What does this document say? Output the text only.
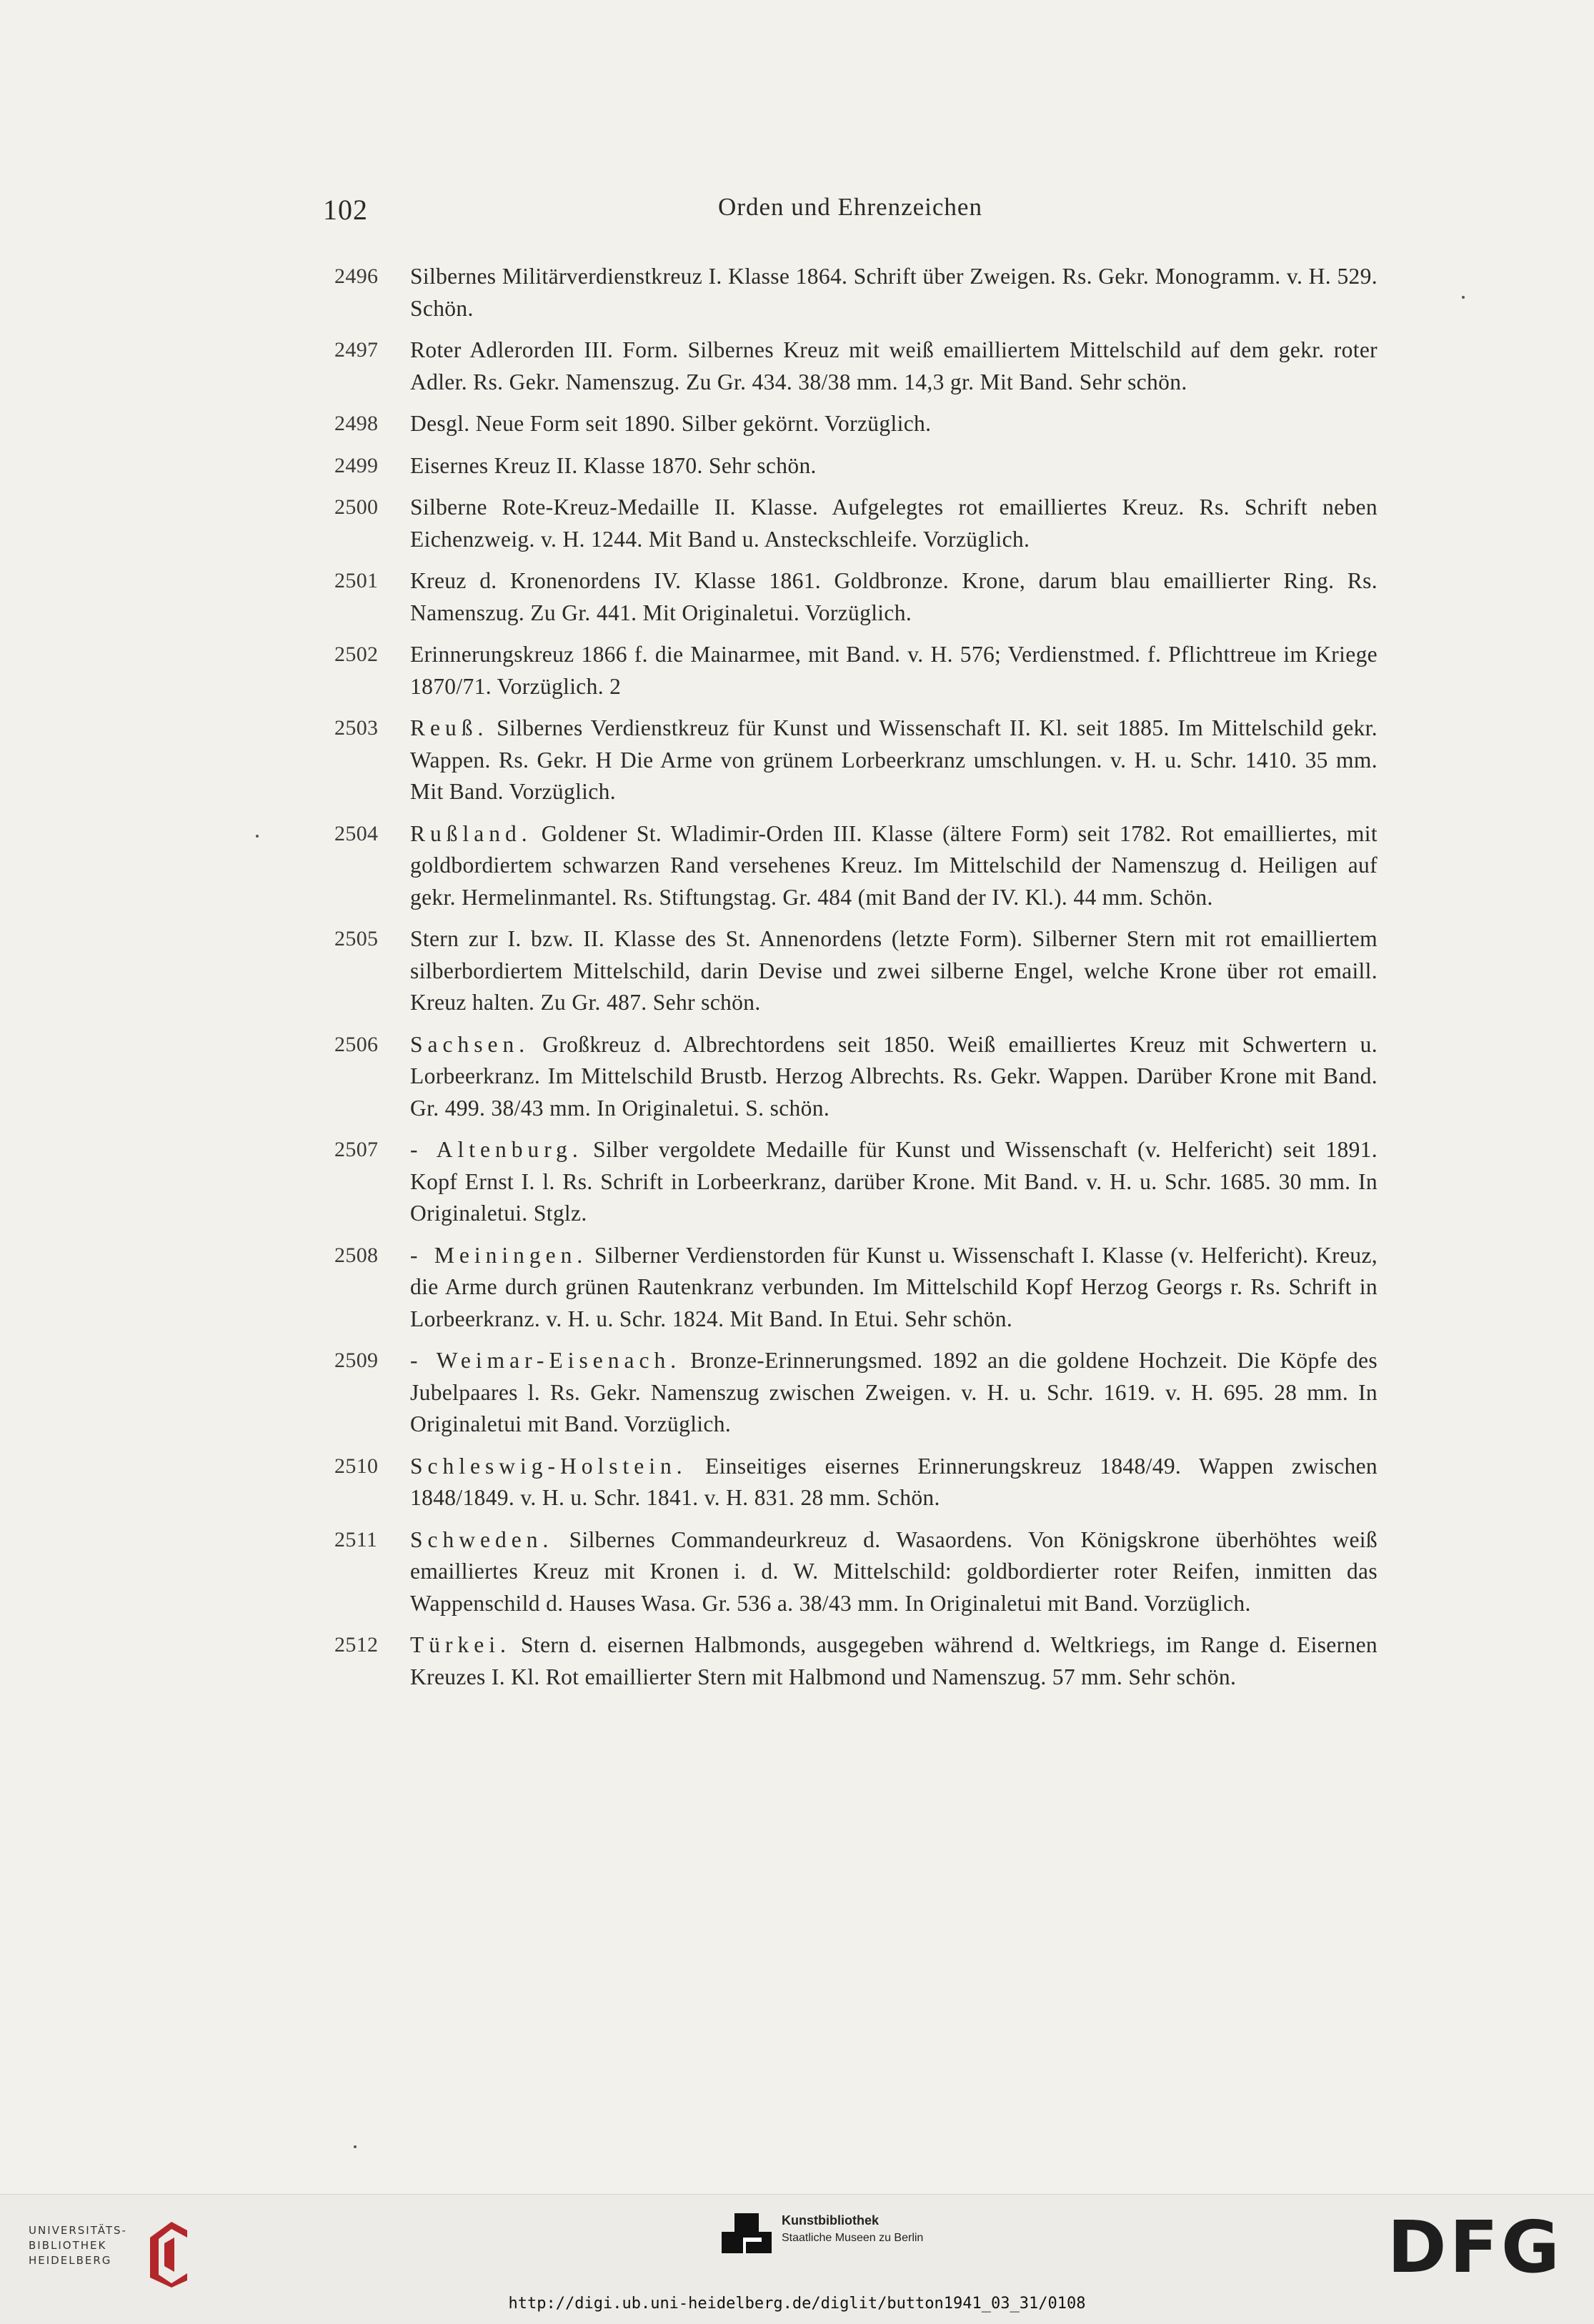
102	Orden und Ehrenzeichen
2496	Silbernes Militärverdienstkreuz I. Klasse 1864. Schrift über Zweigen. Rs. Gekr. Monogramm. v. H. 529. Schön.
2497	Roter Adlerorden III. Form. Silbernes Kreuz mit weiß emailliertem Mittelschild auf dem gekr. roter Adler. Rs. Gekr. Namenszug. Zu Gr. 434. 38/38 mm. 14,3 gr. Mit Band. Sehr schön.
2498	Desgl. Neue Form seit 1890. Silber gekörnt. Vorzüglich.
2499	Eisernes Kreuz II. Klasse 1870. Sehr schön.
2500	Silberne Rote-Kreuz-Medaille II. Klasse. Aufgelegtes rot emailliertes Kreuz. Rs. Schrift neben Eichenzweig. v. H. 1244. Mit Band u. Ansteckschleife. Vorzüglich.
2501	Kreuz d. Kronenordens IV. Klasse 1861. Goldbronze. Krone, darum blau emaillierter Ring. Rs. Namenszug. Zu Gr. 441. Mit Originaletui. Vorzüglich.
2502	Erinnerungskreuz 1866 f. die Mainarmee, mit Band. v. H. 576; Verdienstmed. f. Pflichttreue im Kriege 1870/71. Vorzüglich. 2
2503	Reuß. Silbernes Verdienstkreuz für Kunst und Wissenschaft II. Kl. seit 1885. Im Mittelschild gekr. Wappen. Rs. Gekr. H Die Arme von grünem Lorbeerkranz umschlungen. v. H. u. Schr. 1410. 35 mm. Mit Band. Vorzüglich.
2504	Rußland. Goldener St. Wladimir-Orden III. Klasse (ältere Form) seit 1782. Rot emailliertes, mit goldbordiertem schwarzen Rand versehenes Kreuz. Im Mittelschild der Namenszug d. Heiligen auf gekr. Hermelinmantel. Rs. Stiftungstag. Gr. 484 (mit Band der IV. Kl.). 44 mm. Schön.
2505	Stern zur I. bzw. II. Klasse des St. Annenordens (letzte Form). Silberner Stern mit rot emailliertem silberbordiertem Mittelschild, darin Devise und zwei silberne Engel, welche Krone über rot emaill. Kreuz halten. Zu Gr. 487. Sehr schön.
2506	Sachsen. Großkreuz d. Albrechtordens seit 1850. Weiß emailliertes Kreuz mit Schwertern u. Lorbeerkranz. Im Mittelschild Brustb. Herzog Albrechts. Rs. Gekr. Wappen. Darüber Krone mit Band. Gr. 499. 38/43 mm. In Originaletui. S. schön.
2507	- Altenburg. Silber vergoldete Medaille für Kunst und Wissenschaft (v. Helfericht) seit 1891. Kopf Ernst I. l. Rs. Schrift in Lorbeerkranz, darüber Krone. Mit Band. v. H. u. Schr. 1685. 30 mm. In Originaletui. Stglz.
2508	- Meiningen. Silberner Verdienstorden für Kunst u. Wissenschaft I. Klasse (v. Helfericht). Kreuz, die Arme durch grünen Rautenkranz verbunden. Im Mittelschild Kopf Herzog Georgs r. Rs. Schrift in Lorbeerkranz. v. H. u. Schr. 1824. Mit Band. In Etui. Sehr schön.
2509	- Weimar-Eisenach. Bronze-Erinnerungsmed. 1892 an die goldene Hochzeit. Die Köpfe des Jubelpaares l. Rs. Gekr. Namenszug zwischen Zweigen. v. H. u. Schr. 1619. v. H. 695. 28 mm. In Originaletui mit Band. Vorzüglich.
2510	Schleswig-Holstein. Einseitiges eisernes Erinnerungskreuz 1848/49. Wappen zwischen 1848/1849. v. H. u. Schr. 1841. v. H. 831. 28 mm. Schön.
2511	Schweden. Silbernes Commandeurkreuz d. Wasaordens. Von Königskrone überhöhtes weiß emailliertes Kreuz mit Kronen i. d. W. Mittelschild: goldbordierter roter Reifen, inmitten das Wappenschild d. Hauses Wasa. Gr. 536 a. 38/43 mm. In Originaletui mit Band. Vorzüglich.
2512	Türkei. Stern d. eisernen Halbmonds, ausgegeben während d. Weltkriegs, im Range d. Eisernen Kreuzes I. Kl. Rot emaillierter Stern mit Halbmond und Namenszug. 57 mm. Sehr schön.
UNIVERSITÄTS-
BIBLIOTHEK
HEIDELBERG
Kunstbibliothek
Staatliche Museen zu Berlin	DFG
http://digi.ub.uni-heidelberg.de/diglit/button1941_03_31/0108
